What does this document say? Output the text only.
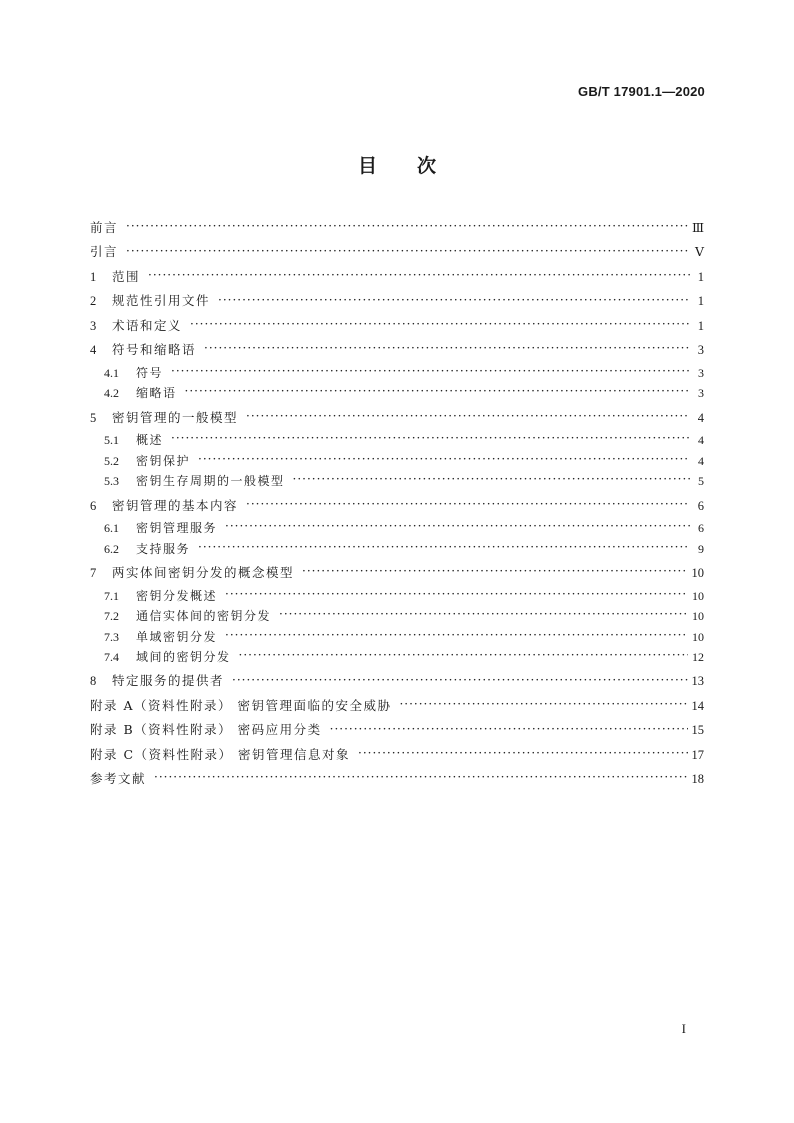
GB/T 17901.1—2020
目次
前言 ·····	Ⅲ
引言 ·····	Ⅴ
1	范围 ·····	1
2	规范性引用文件 ·····	1
3	术语和定义 ·····	1
4	符号和缩略语 ·····	3
4.1	符号 ·····	3
4.2	缩略语 ·····	3
5	密钥管理的一般模型 ·····	4
5.1	概述 ·····	4
5.2	密钥保护 ·····	4
5.3	密钥生存周期的一般模型 ·····	5
6	密钥管理的基本内容 ·····	6
6.1	密钥管理服务 ·····	6
6.2	支持服务 ·····	9
7	两实体间密钥分发的概念模型 ·····	10
7.1	密钥分发概述 ·····	10
7.2	通信实体间的密钥分发 ·····	10
7.3	单域密钥分发 ·····	10
7.4	域间的密钥分发 ·····	12
8	特定服务的提供者 ·····	13
附录 A（资料性附录） 密钥管理面临的安全威胁 ·····	14
附录 B（资料性附录） 密码应用分类 ·····	15
附录 C（资料性附录） 密钥管理信息对象 ·····	17
参考文献 ·····	18
I
